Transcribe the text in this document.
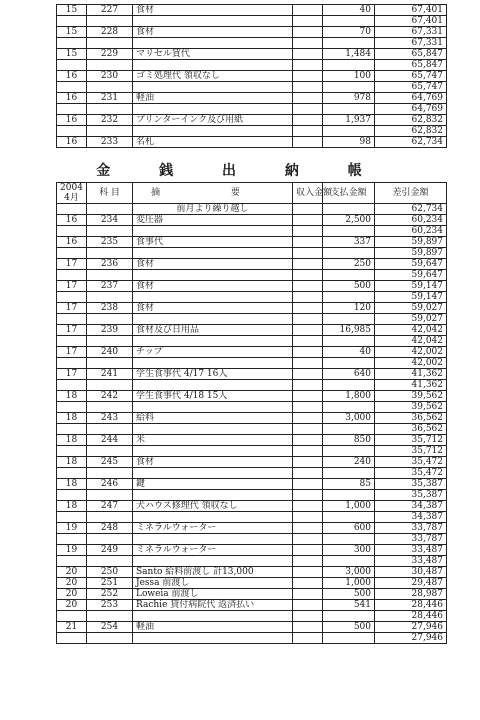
15	227	食材		40	67,401
					67,401
15	228	食材		70	67,331
					67,331
15	229	マリセル賃代		1,484	65,847
					65,847
16	230	ゴミ処理代 領収なし		100	65,747
					65,747
16	231	軽油		978	64,769
					64,769
16	232	プリンターインク及び用紙		1,937	62,832
					62,832
16	233	名札		98	62,734
金 銭 出 納 帳
2004
4月	科 目	摘 要	収入金額	支払金額	差引金額
		前月より繰り越し			62,734
16	234	変圧器		2,500	60,234
					60,234
16	235	食事代		337	59,897
					59,897
17	236	食材		250	59,647
					59,647
17	237	食材		500	59,147
					59,147
17	238	食材		120	59,027
					59,027
17	239	食材及び日用品		16,985	42,042
					42,042
17	240	チップ		40	42,002
					42,002
17	241	学生食事代 4/17 16人		640	41,362
					41,362
18	242	学生食事代 4/18 15人		1,800	39,562
					39,562
18	243	給料		3,000	36,562
					36,562
18	244	米		850	35,712
					35,712
18	245	食材		240	35,472
					35,472
18	246	鍵		85	35,387
					35,387
18	247	犬ハウス修理代 領収なし		1,000	34,387
					34,387
19	248	ミネラルウォーター		600	33,787
					33,787
19	249	ミネラルウォーター		300	33,487
					33,487
20	250	Santo 給料前渡し 計13,000		3,000	30,487
20	251	Jessa 前渡し		1,000	29,487
20	252	Loweia 前渡し		500	28,987
20	253	Rachie 貸付病院代 返済払い		541	28,446
					28,446
21	254	軽油		500	27,946
					27,946
